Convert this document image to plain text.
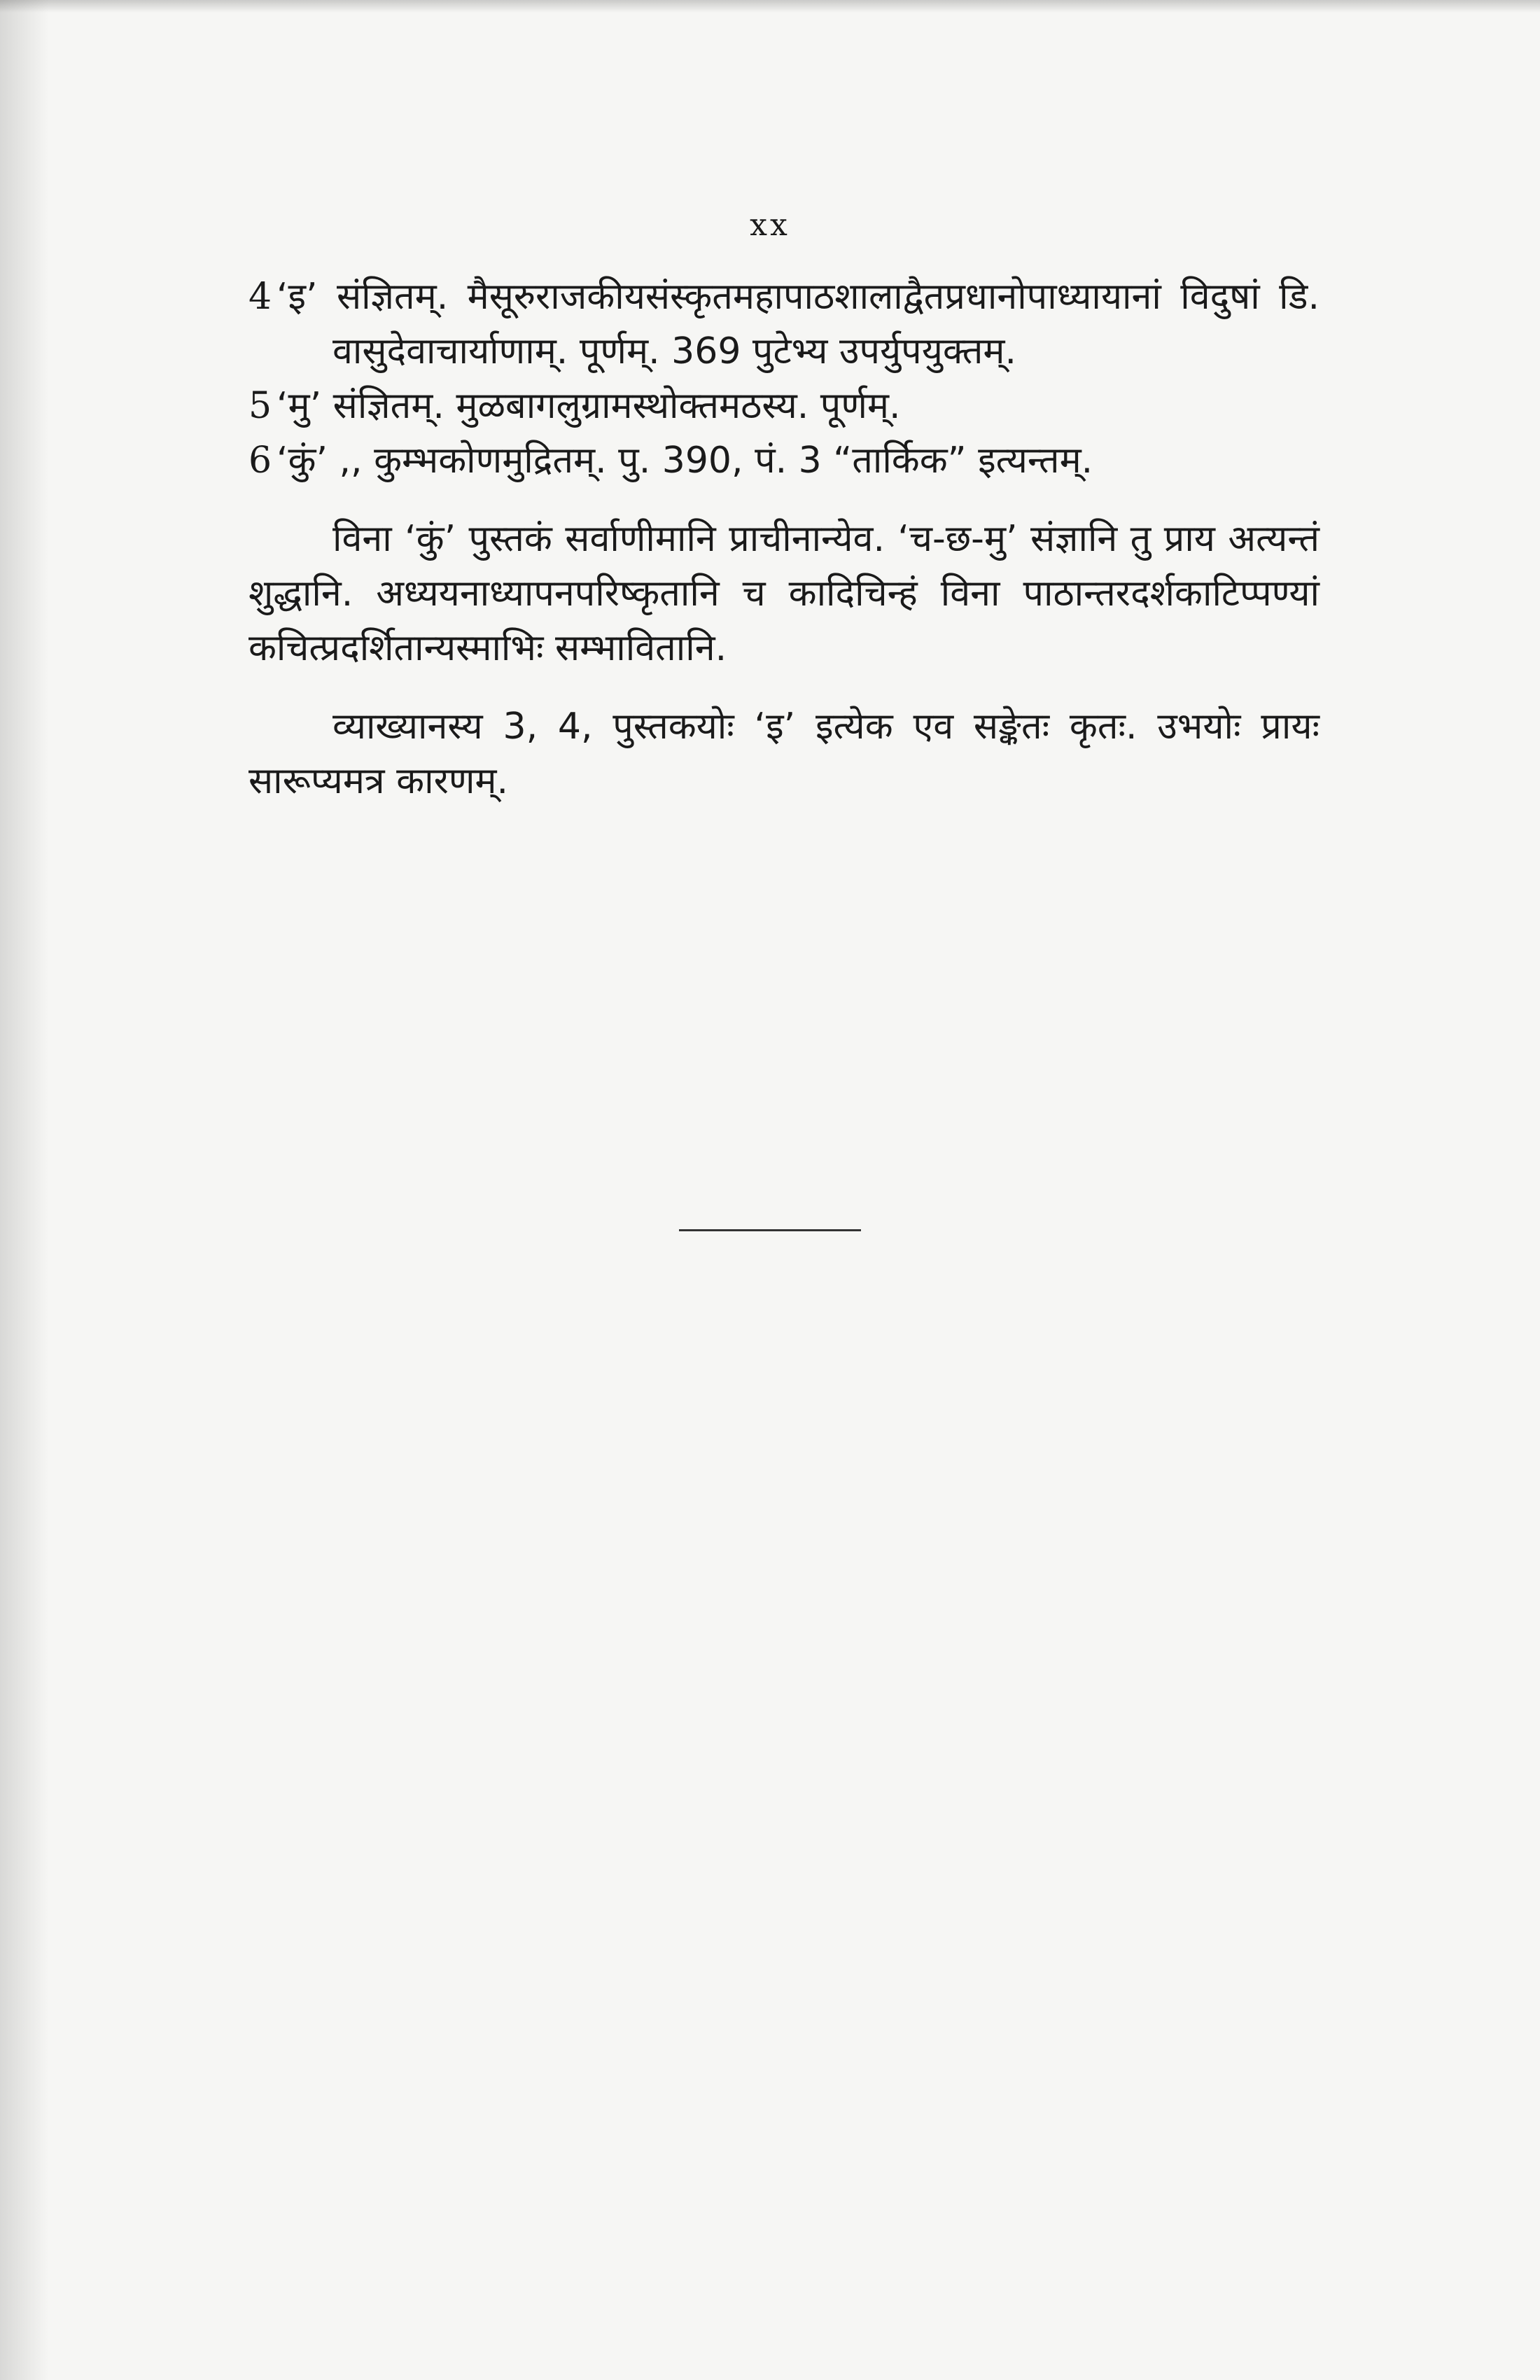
xx

4 ‘इ’ संज्ञितम्. मैसूरुराजकीयसंस्कृतमहापाठशालाद्वैतप्रधानोपाध्यायानां विदुषां डि. वासुदेवाचार्याणाम्. पूर्णम्. 369 पुटेभ्य उपर्युपयुक्तम्.

5 ‘मु’ संज्ञितम्. मुळबागलुग्रामस्थोक्तमठस्य. पूर्णम्.

6 ‘कुं’ ,, कुम्भकोणमुद्रितम्. पु. 390, पं. 3 “तार्किक” इत्यन्तम्.

विना ‘कुं’ पुस्तकं सर्वाणीमानि प्राचीनान्येव. ‘च-छ-मु’ संज्ञानि तु प्राय अत्यन्तं शुद्धानि. अध्ययनाध्यापनपरिष्कृतानि च कादिचिन्हं विना पाठान्तरदर्शकाटिप्पण्यां कचित्प्रदर्शितान्यस्माभिः सम्भावितानि.

व्याख्यानस्य 3, 4, पुस्तकयोः ‘इ’ इत्येक एव सङ्केतः कृतः. उभयोः प्रायः सारूप्यमत्र कारणम्.
